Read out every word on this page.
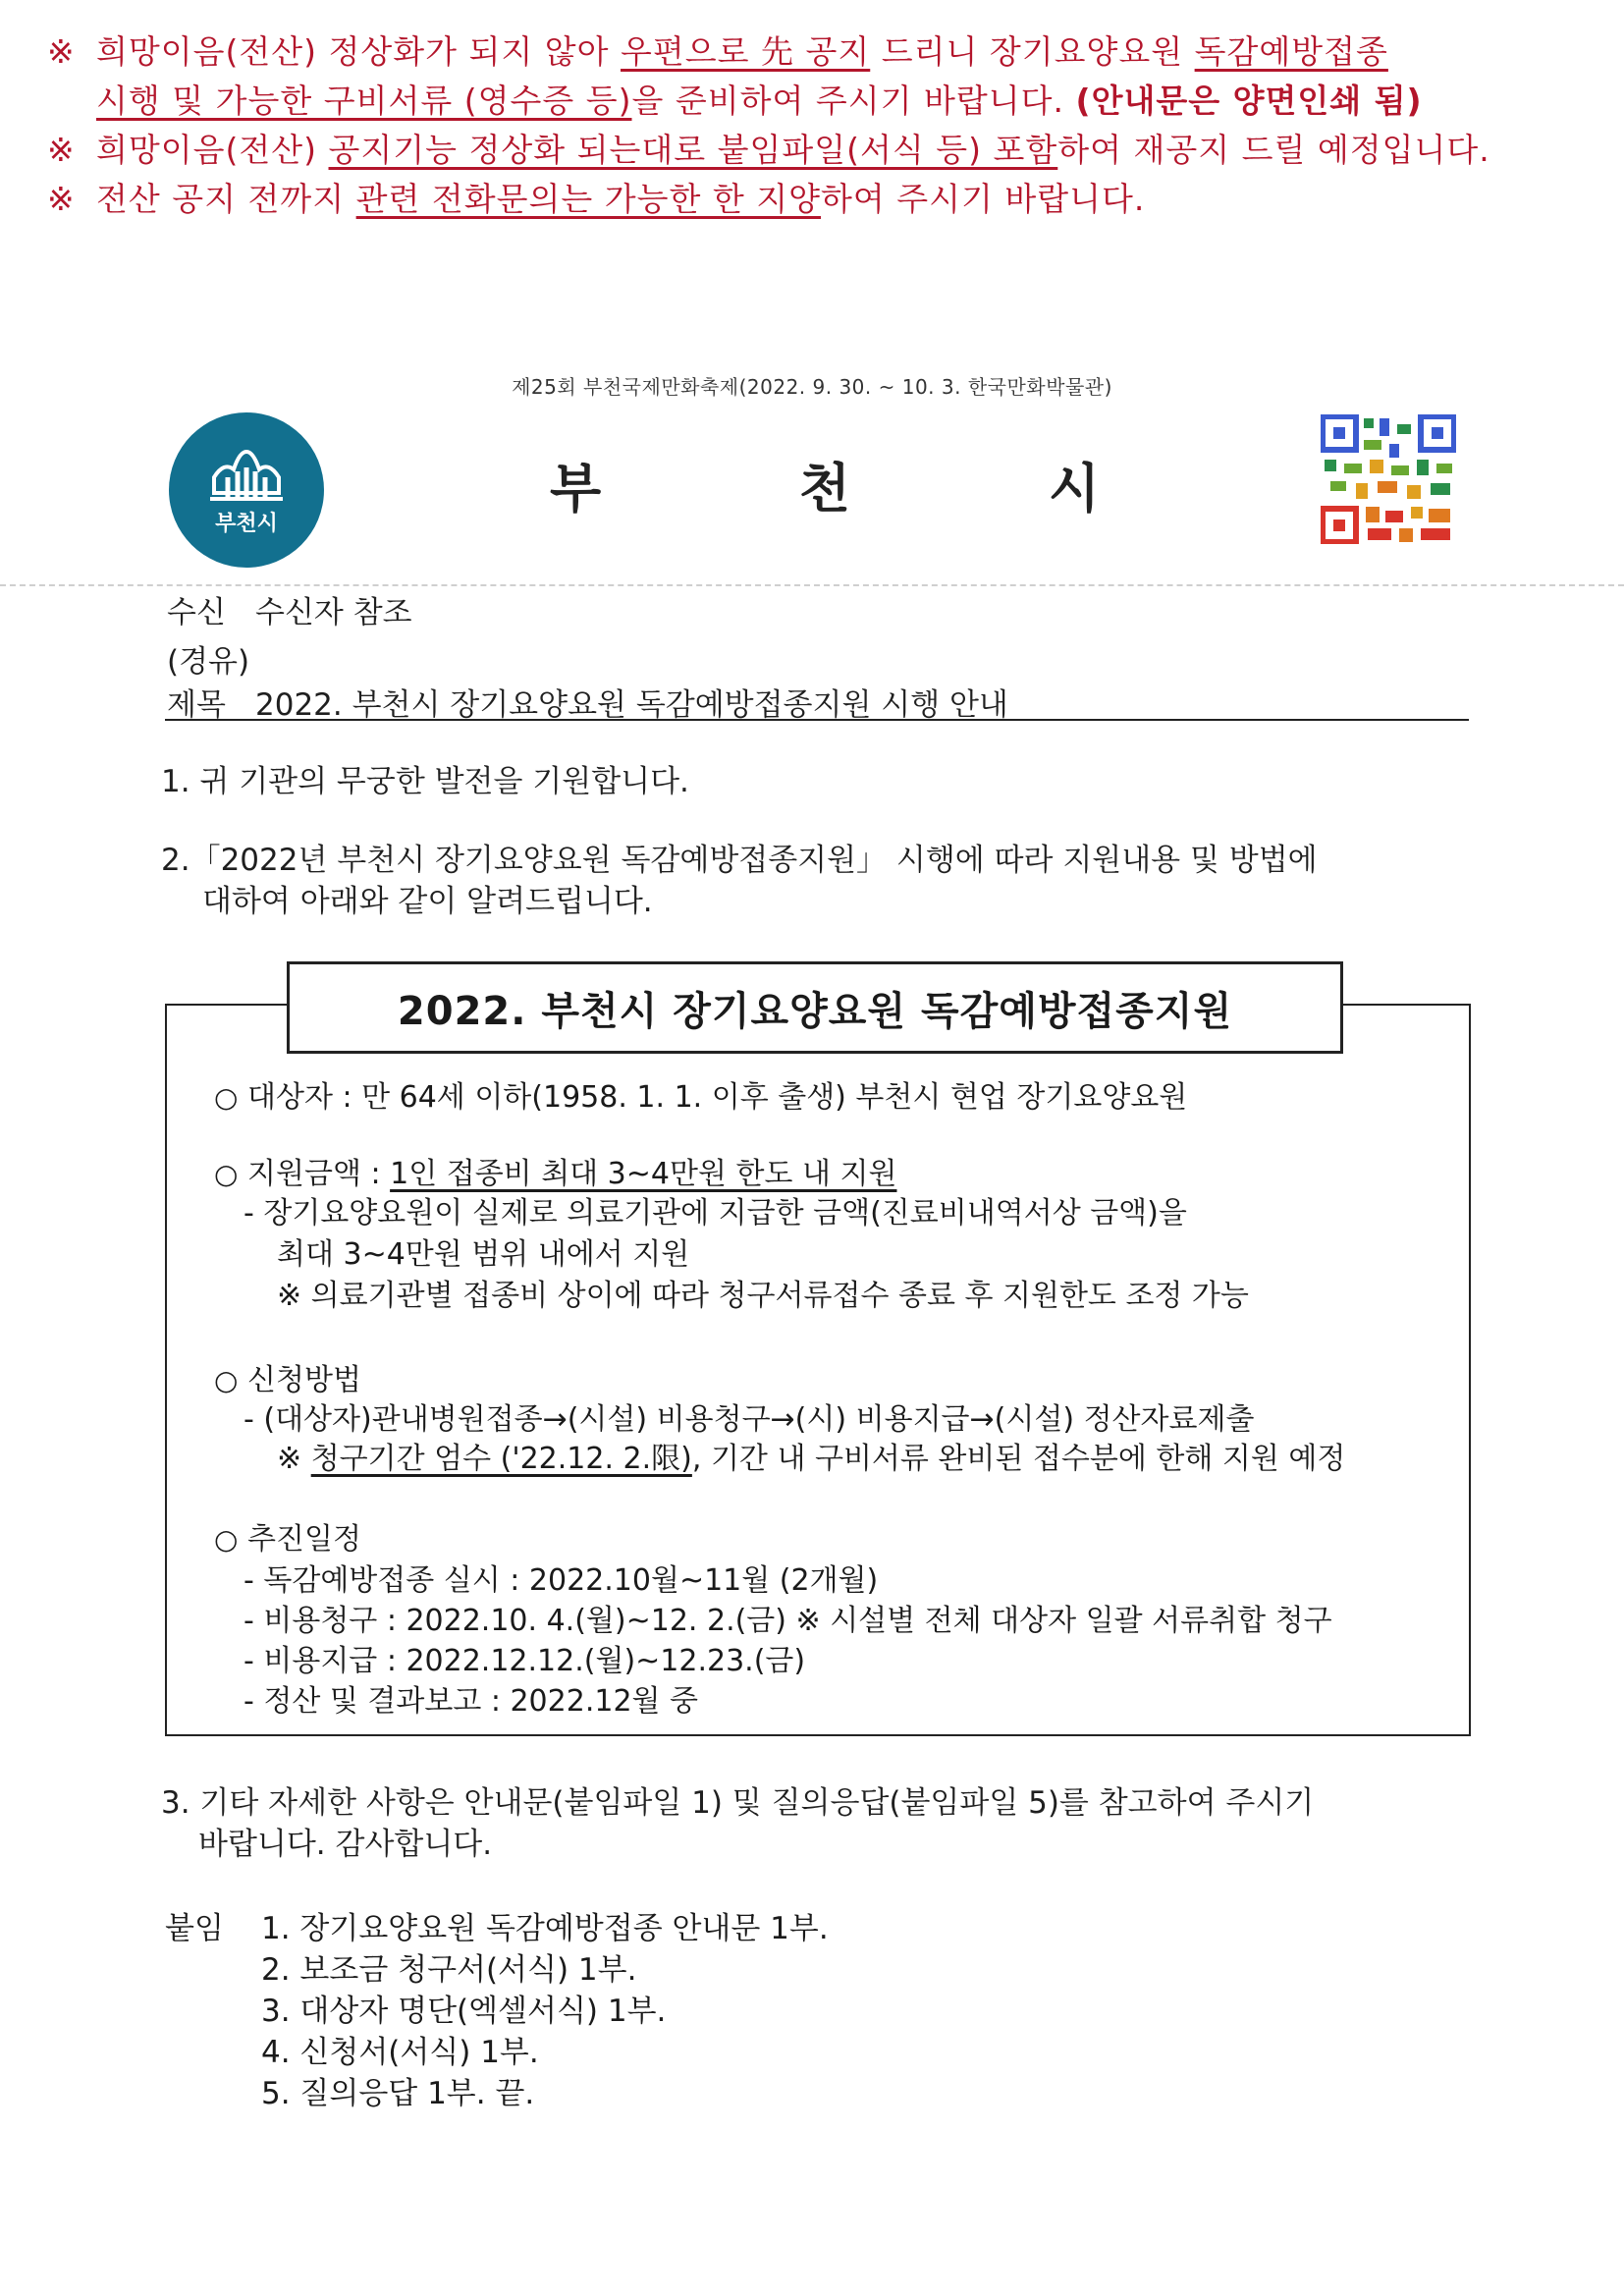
※ 희망이음(전산) 정상화가 되지 않아 우편으로 先 공지 드리니 장기요양요원 독감예방접종
시행 및 가능한 구비서류 (영수증 등)을 준비하여 주시기 바랍니다. (안내문은 양면인쇄 됨)
※ 희망이음(전산) 공지기능 정상화 되는대로 붙임파일(서식 등) 포함하여 재공지 드릴 예정입니다.
※ 전산 공지 전까지 관련 전화문의는 가능한 한 지양하여 주시기 바랍니다.
제25회 부천국제만화축제(2022. 9. 30. ~ 10. 3. 한국만화박물관)
부천시
부	천	시
수신 수신자 참조
(경유)
제목 2022. 부천시 장기요양요원 독감예방접종지원 시행 안내
1. 귀 기관의 무궁한 발전을 기원합니다.
2.「2022년 부천시 장기요양요원 독감예방접종지원」 시행에 따라 지원내용 및 방법에
대하여 아래와 같이 알려드립니다.
2022. 부천시 장기요양요원 독감예방접종지원
○ 대상자 : 만 64세 이하(1958. 1. 1. 이후 출생) 부천시 현업 장기요양요원
○ 지원금액 : 1인 접종비 최대 3~4만원 한도 내 지원
- 장기요양요원이 실제로 의료기관에 지급한 금액(진료비내역서상 금액)을
최대 3~4만원 범위 내에서 지원
※ 의료기관별 접종비 상이에 따라 청구서류접수 종료 후 지원한도 조정 가능
○ 신청방법
- (대상자)관내병원접종→(시설) 비용청구→(시) 비용지급→(시설) 정산자료제출
※ 청구기간 엄수 ('22.12. 2.限), 기간 내 구비서류 완비된 접수분에 한해 지원 예정
○ 추진일정
- 독감예방접종 실시 : 2022.10월~11월 (2개월)
- 비용청구 : 2022.10. 4.(월)~12. 2.(금) ※ 시설별 전체 대상자 일괄 서류취합 청구
- 비용지급 : 2022.12.12.(월)~12.23.(금)
- 정산 및 결과보고 : 2022.12월 중
3. 기타 자세한 사항은 안내문(붙임파일 1) 및 질의응답(붙임파일 5)를 참고하여 주시기
바랍니다. 감사합니다.
붙임 1. 장기요양요원 독감예방접종 안내문 1부.
2. 보조금 청구서(서식) 1부.
3. 대상자 명단(엑셀서식) 1부.
4. 신청서(서식) 1부.
5. 질의응답 1부. 끝.
